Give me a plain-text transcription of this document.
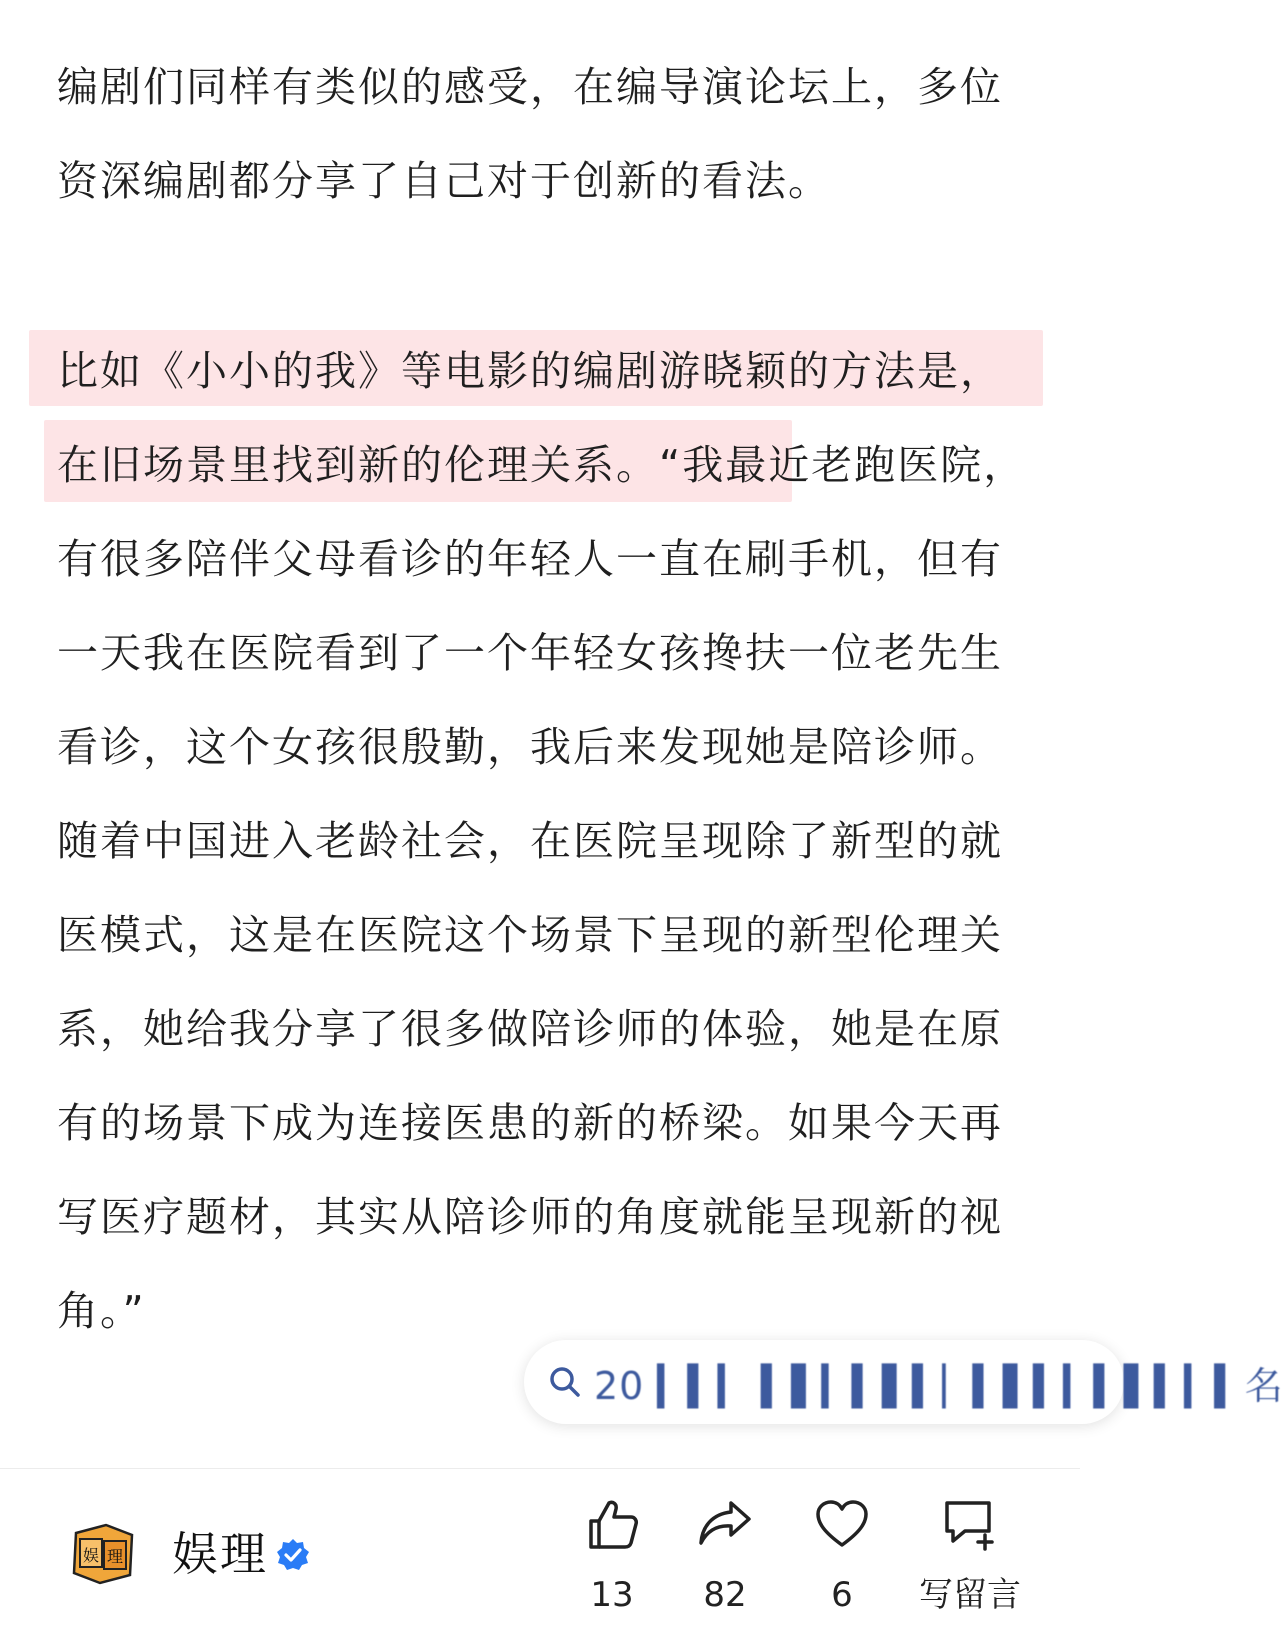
编剧们同样有类似的感受，在编导演论坛上，多位资深编剧都分享了自己对于创新的看法。

比如《小小的我》等电影的编剧游晓颖的方法是，在旧场景里找到新的伦理关系。“我最近老跑医院，有很多陪伴父母看诊的年轻人一直在刷手机，但有一天我在医院看到了一个年轻女孩搀扶一位老先生看诊，这个女孩很殷勤，我后来发现她是陪诊师。随着中国进入老龄社会，在医院呈现除了新型的就医模式，这是在医院这个场景下呈现的新型伦理关系，她给我分享了很多做陪诊师的体验，她是在原有的场景下成为连接医患的新的桥梁。如果今天再写医疗题材，其实从陪诊师的角度就能呈现新的视角。”

20 ▎▍▎ ▍▌▎▍▌▍▏▍▌▍▎▍▌▍▎▍名
娱 理 娱理
13	82	6	写留言
